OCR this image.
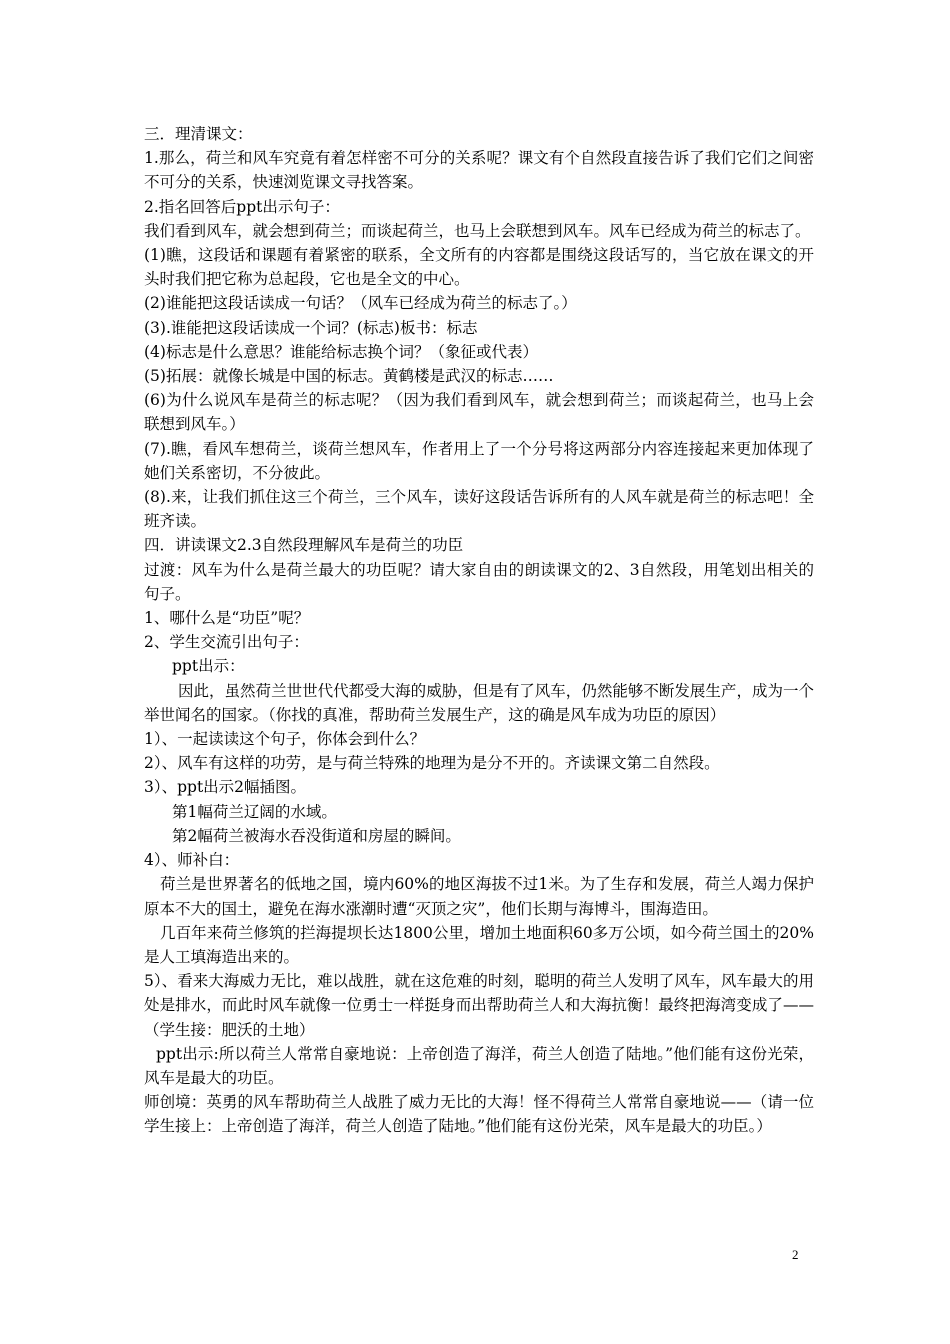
三．理清课文：

1.那么，荷兰和风车究竟有着怎样密不可分的关系呢？课文有个自然段直接告诉了我们它们之间密不可分的关系，快速浏览课文寻找答案。

2.指名回答后ppt出示句子：

我们看到风车，就会想到荷兰；而谈起荷兰，也马上会联想到风车。风车已经成为荷兰的标志了。

(1)瞧，这段话和课题有着紧密的联系，全文所有的内容都是围绕这段话写的，当它放在课文的开头时我们把它称为总起段，它也是全文的中心。

(2)谁能把这段话读成一句话？（风车已经成为荷兰的标志了。）

(3).谁能把这段话读成一个词？(标志)板书：标志

(4)标志是什么意思？谁能给标志换个词？（象征或代表）

(5)拓展：就像长城是中国的标志。黄鹤楼是武汉的标志……

(6)为什么说风车是荷兰的标志呢？（因为我们看到风车，就会想到荷兰；而谈起荷兰，也马上会联想到风车。）

(7).瞧，看风车想荷兰，谈荷兰想风车，作者用上了一个分号将这两部分内容连接起来更加体现了她们关系密切，不分彼此。

(8).来，让我们抓住这三个荷兰，三个风车，读好这段话告诉所有的人风车就是荷兰的标志吧！全班齐读。

四．讲读课文2.3自然段理解风车是荷兰的功臣

过渡：风车为什么是荷兰最大的功臣呢？请大家自由的朗读课文的2、3自然段，用笔划出相关的句子。

1、哪什么是“功臣”呢？

2、学生交流引出句子：

ppt出示：

因此，虽然荷兰世世代代都受大海的威胁，但是有了风车，仍然能够不断发展生产，成为一个举世闻名的国家。（你找的真准，帮助荷兰发展生产，这的确是风车成为功臣的原因）

1）、一起读读这个句子，你体会到什么？

2）、风车有这样的功劳，是与荷兰特殊的地理为是分不开的。齐读课文第二自然段。

3）、ppt出示2幅插图。

第1幅荷兰辽阔的水域。

第2幅荷兰被海水吞没街道和房屋的瞬间。

4）、师补白：

荷兰是世界著名的低地之国，境内60%的地区海拔不过1米。为了生存和发展，荷兰人竭力保护原本不大的国土，避免在海水涨潮时遭“灭顶之灾”，他们长期与海博斗，围海造田。

几百年来荷兰修筑的拦海提坝长达1800公里，增加土地面积60多万公顷，如今荷兰国土的20%是人工填海造出来的。

5）、看来大海威力无比，难以战胜，就在这危难的时刻，聪明的荷兰人发明了风车，风车最大的用处是排水，而此时风车就像一位勇士一样挺身而出帮助荷兰人和大海抗衡！最终把海湾变成了——（学生接：肥沃的土地）

ppt出示:所以荷兰人常常自豪地说：上帝创造了海洋，荷兰人创造了陆地。”他们能有这份光荣，风车是最大的功臣。

师创境：英勇的风车帮助荷兰人战胜了威力无比的大海！怪不得荷兰人常常自豪地说——（请一位学生接上：上帝创造了海洋，荷兰人创造了陆地。”他们能有这份光荣，风车是最大的功臣。）

2
